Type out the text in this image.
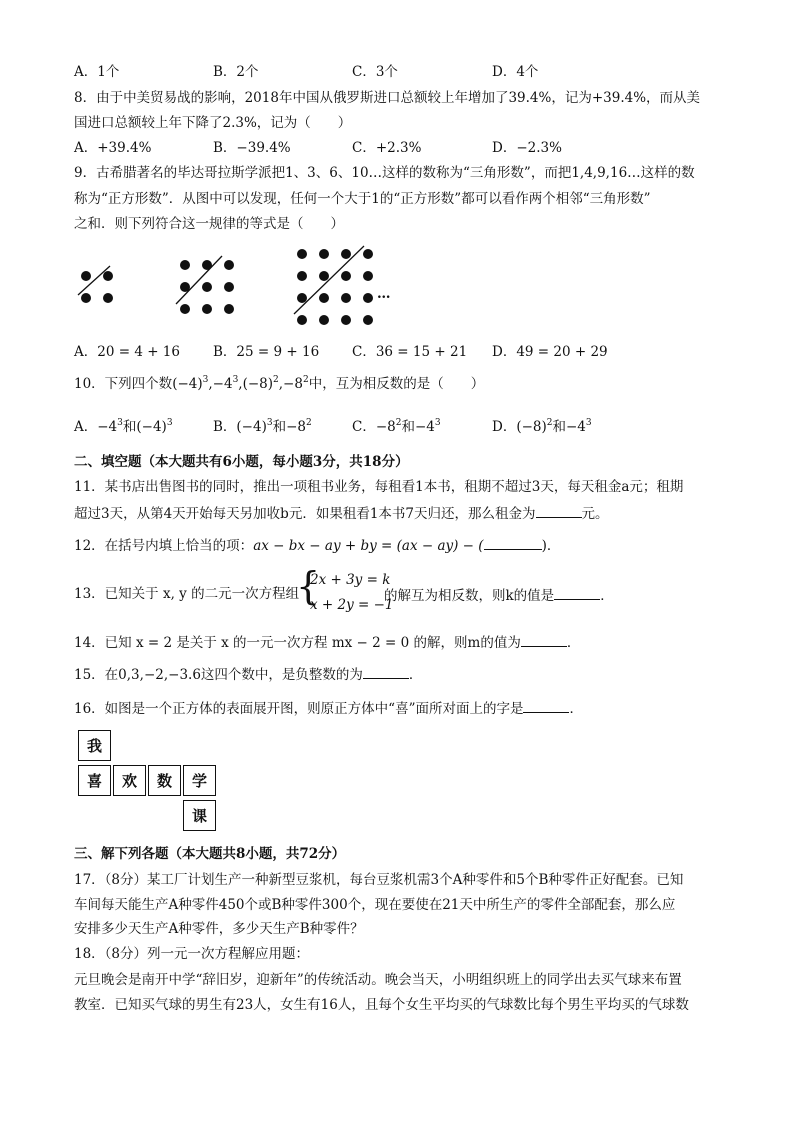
A．1个	B．2个	C．3个	D．4个
8．由于中美贸易战的影响，2018年中国从俄罗斯进口总额较上年增加了39.4%，记为+39.4%，而从美
国进口总额较上年下降了2.3%，记为（　　）
A．+39.4%	B．−39.4%	C．+2.3%	D．−2.3%
9．古希腊著名的毕达哥拉斯学派把1、3、6、10…这样的数称为“三角形数”，而把1,4,9,16…这样的数
称为“正方形数”．从图中可以发现，任何一个大于1的“正方形数”都可以看作两个相邻“三角形数”
之和．则下列符合这一规律的等式是（　　）
…
A．20 = 4 + 16 B．25 = 9 + 16 C．36 = 15 + 21 D．49 = 20 + 29
10．下列四个数$(-4)^3,-4^3,(-8)^2,-8^2$中，互为相反数的是（　　）
A．$-4^3$和$(-4)^3$	B．$(-4)^3$和$-8^2$	C．$-8^2$和$-4^3$	D．$(-8)^2$和$-4^3$
二、填空题（本大题共有6小题，每小题3分，共18分）
11．某书店出售图书的同时，推出一项租书业务，每租看1本书，租期不超过3天，每天租金a元；租期
超过3天，从第4天开始每天另加收b元．如果租看1本书7天归还，那么租金为	元。
12．在括号内填上恰当的项：ax − bx − ay + by = (ax − ay) − (	)．
13．已知关于 x, y 的二元一次方程组
{
2x + 3y = k
x + 2y = −1
的解互为相反数，则k的值是	．
14．已知 x = 2 是关于 x 的一元一次方程 mx − 2 = 0 的解，则m的值为	．
15．在0,3,−2,−3.6这四个数中，是负整数的为	．
16．如图是一个正方体的表面展开图，则原正方体中“喜”面所对面上的字是	．
我
喜	欢	数	学
课
三、解下列各题（本大题共8小题，共72分）
17．（8分）某工厂计划生产一种新型豆浆机，每台豆浆机需3个A种零件和5个B种零件正好配套。已知
车间每天能生产A种零件450个或B种零件300个，现在要使在21天中所生产的零件全部配套，那么应
安排多少天生产A种零件，多少天生产B种零件？
18．（8分）列一元一次方程解应用题：
元旦晚会是南开中学“辞旧岁，迎新年”的传统活动。晚会当天，小明组织班上的同学出去买气球来布置
教室．已知买气球的男生有23人，女生有16人，且每个女生平均买的气球数比每个男生平均买的气球数
